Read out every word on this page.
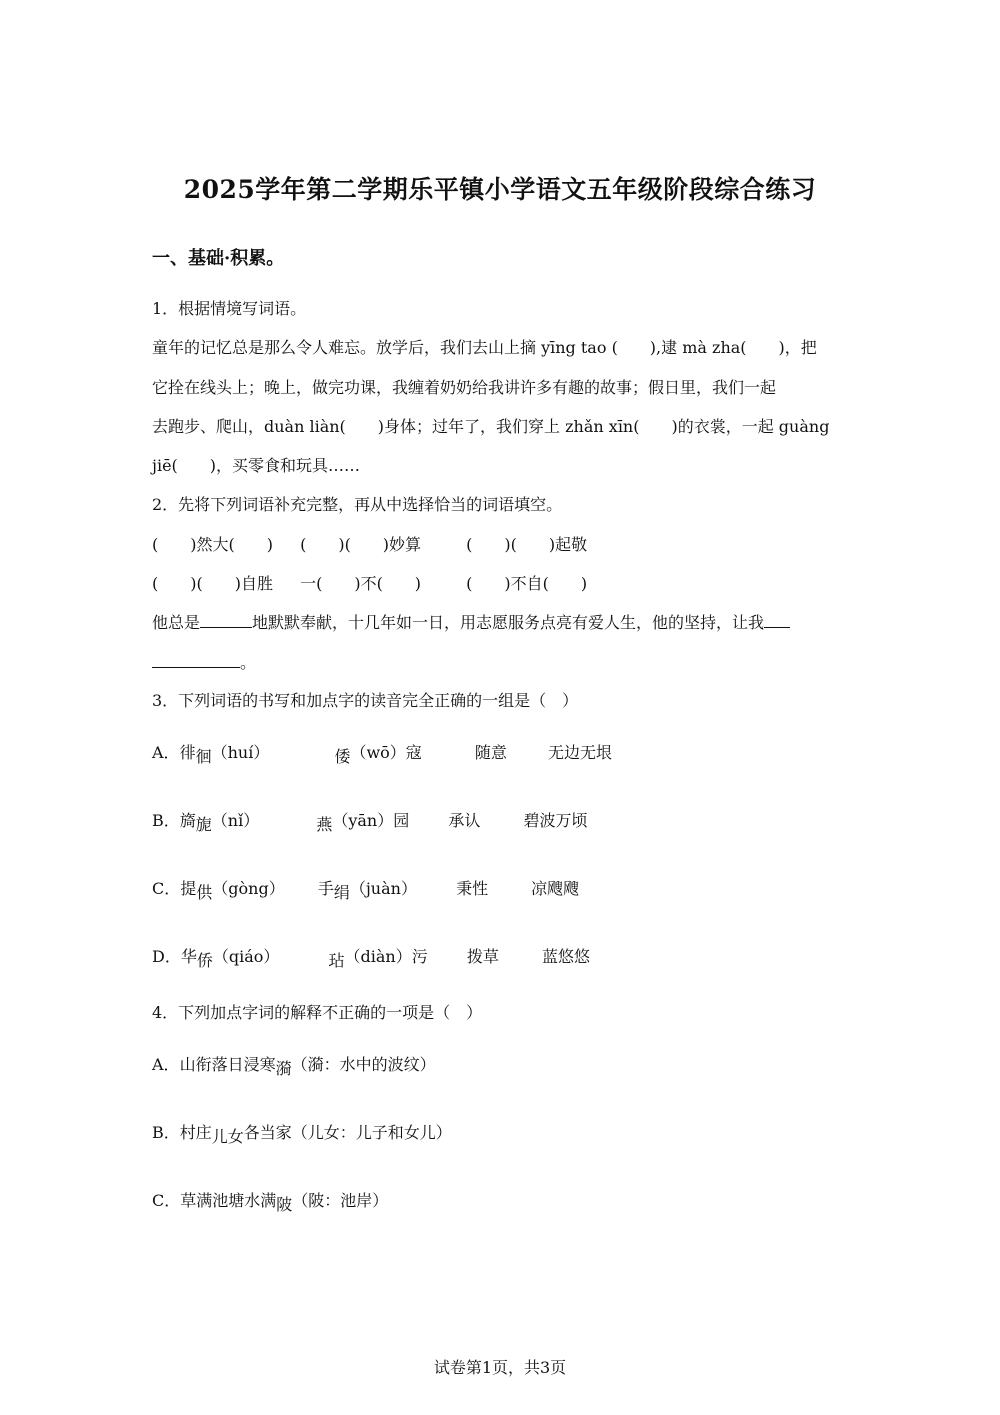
2025学年第二学期乐平镇小学语文五年级阶段综合练习
一、基础·积累。
1．根据情境写词语。
童年的记忆总是那么令人难忘。放学后，我们去山上摘 yīng tao (　　),逮 mà zha(　　)，把
它拴在线头上；晚上，做完功课，我缠着奶奶给我讲许多有趣的故事；假日里，我们一起
去跑步、爬山，duàn liàn(　　)身体；过年了，我们穿上 zhǎn xīn(　　)的衣裳，一起 guàng
jiē(　　)，买零食和玩具……
2．先将下列词语补充完整，再从中选择恰当的词语填空。
(　　)然大(　　) (　　)(　　)妙算	(　　)(　　)起敬
(　　)(　　)自胜 一(　　)不(　　)	(　　)不自(　　)
他总是	地默默奉献，十几年如一日，用志愿服务点亮有爱人生，他的坚持，让我
。
3．下列词语的书写和加点字的读音完全正确的一组是（　）
A．徘徊（huí）	倭（wō）寇	随意	无边无垠
B．旖旎（nǐ）	燕（yān）园 承认	碧波万顷
C．提供（gòng） 手绢（juàn） 秉性	凉飕飕
D．华侨（qiáo）	玷（diàn）污 拨草	蓝悠悠
4．下列加点字词的解释不正确的一项是（　）
A．山衔落日浸寒漪（漪：水中的波纹）
B．村庄儿女各当家（儿女：儿子和女儿）
C．草满池塘水满陂（陂：池岸）
试卷第1页，共3页
